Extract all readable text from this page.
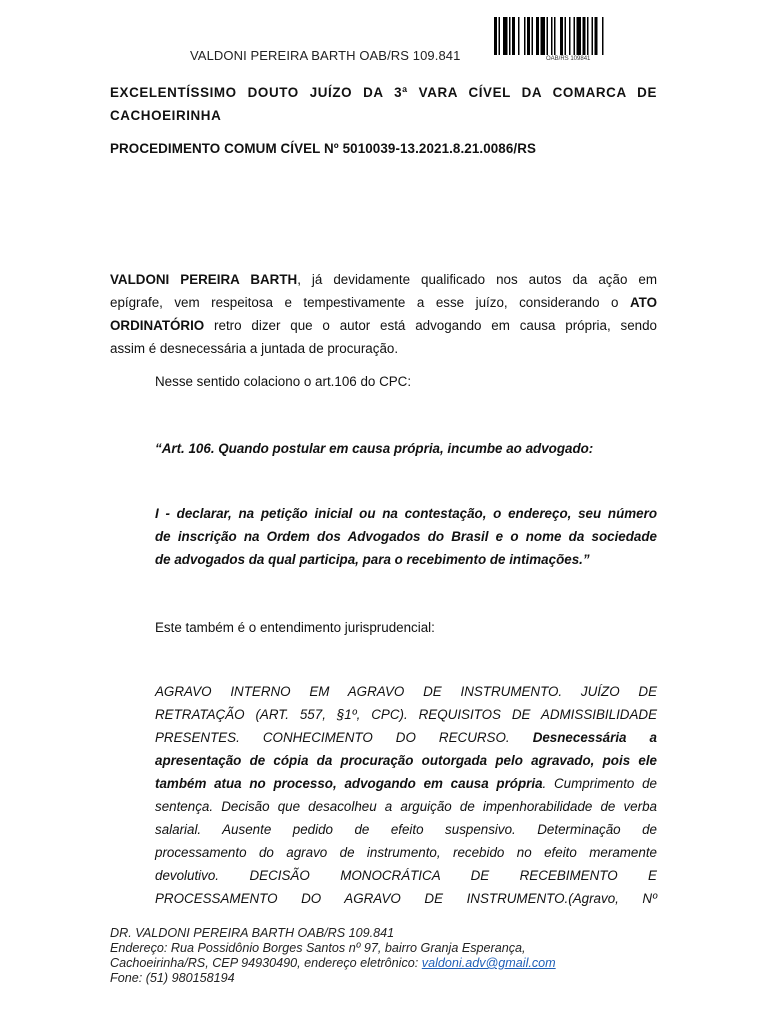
VALDONI PEREIRA BARTH OAB/RS 109.841	OAB/RS 109841

EXCELENTÍSSIMO DOUTO JUÍZO DA 3ª VARA CÍVEL DA COMARCA DE
CACHOEIRINHA

PROCEDIMENTO COMUM CÍVEL Nº 5010039-13.2021.8.21.0086/RS

VALDONI PEREIRA BARTH, já devidamente qualificado nos autos da ação em
epígrafe, vem respeitosa e tempestivamente a esse juízo, considerando o ATO
ORDINATÓRIO retro dizer que o autor está advogando em causa própria, sendo
assim é desnecessária a juntada de procuração.

Nesse sentido colaciono o art.106 do CPC:
“Art. 106. Quando postular em causa própria, incumbe ao advogado:

I - declarar, na petição inicial ou na contestação, o endereço, seu número
de inscrição na Ordem dos Advogados do Brasil e o nome da sociedade
de advogados da qual participa, para o recebimento de intimações.”

Este também é o entendimento jurisprudencial:

AGRAVO INTERNO EM AGRAVO DE INSTRUMENTO. JUÍZO DE
RETRATAÇÃO (ART. 557, §1º, CPC). REQUISITOS DE ADMISSIBILIDADE
PRESENTES. CONHECIMENTO DO RECURSO. Desnecessária a
apresentação de cópia da procuração outorgada pelo agravado, pois ele
também atua no processo, advogando em causa própria. Cumprimento de
sentença. Decisão que desacolheu a arguição de impenhorabilidade de verba
salarial. Ausente pedido de efeito suspensivo. Determinação de
processamento do agravo de instrumento, recebido no efeito meramente
devolutivo. DECISÃO MONOCRÁTICA DE RECEBIMENTO E
PROCESSAMENTO DO AGRAVO DE INSTRUMENTO.(Agravo, Nº

DR. VALDONI PEREIRA BARTH OAB/RS 109.841
Endereço: Rua Possidônio Borges Santos nº 97, bairro Granja Esperança,
Cachoeirinha/RS, CEP 94930490, endereço eletrônico: valdoni.adv@gmail.com
Fone: (51) 980158194
